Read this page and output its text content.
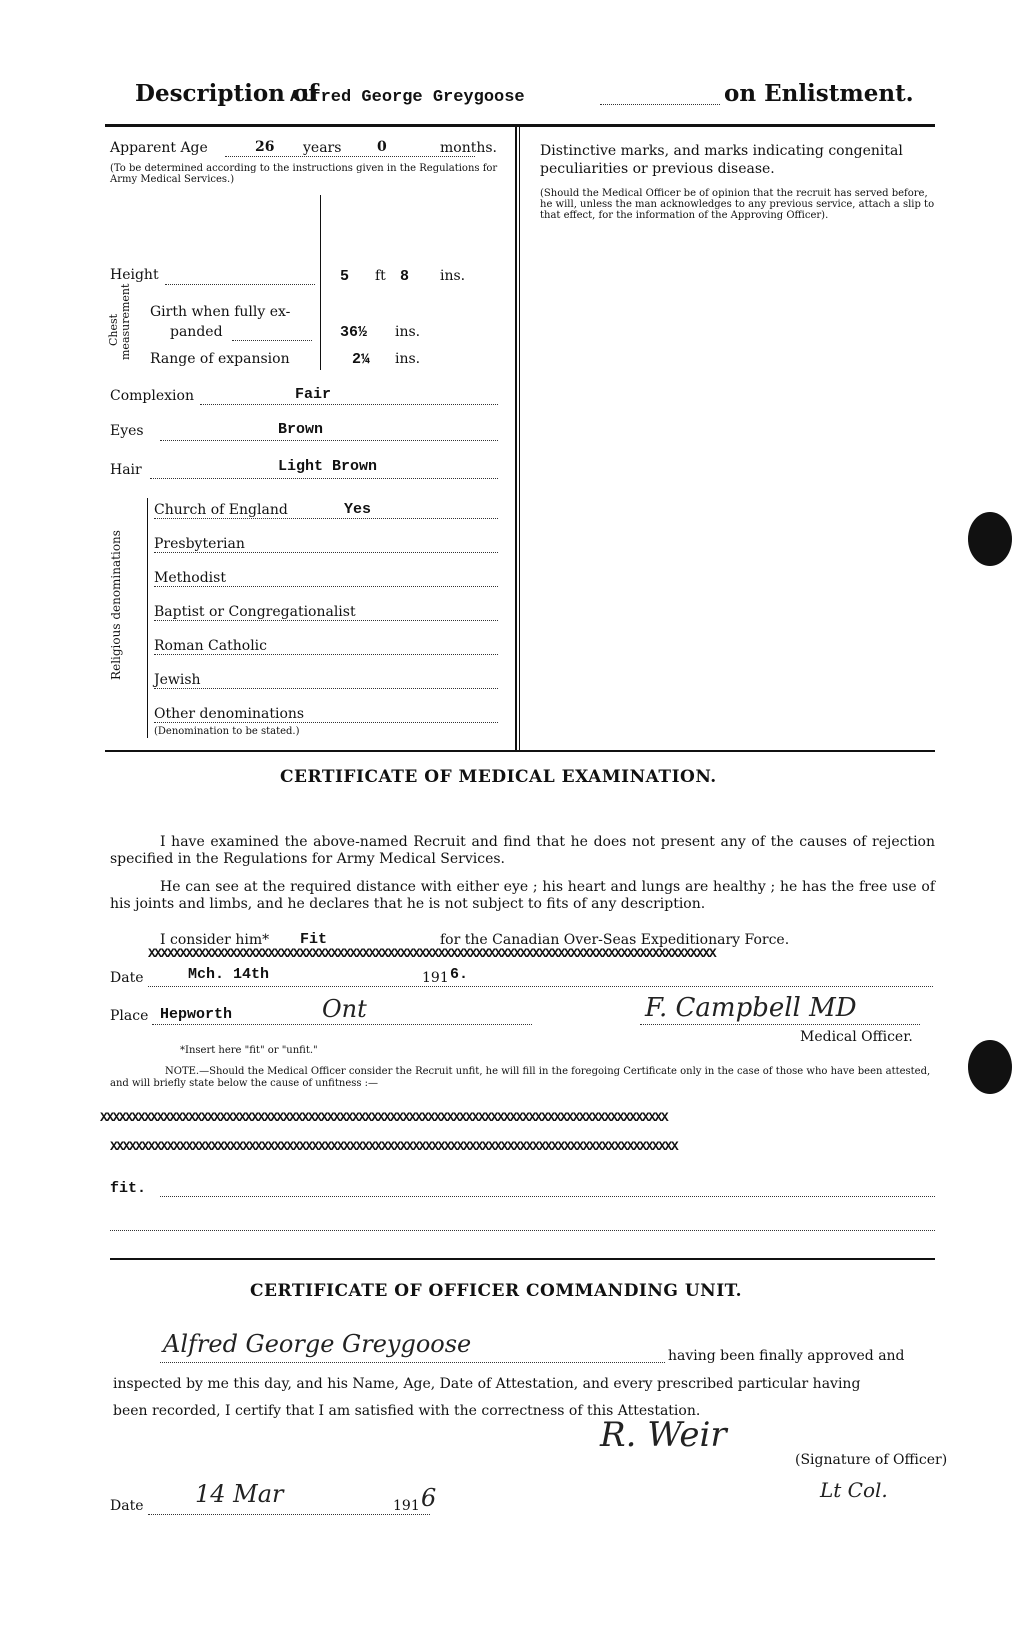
Description of
Alfred George Greygoose	on Enlistment.
Apparent Age	26 years	0	months.
(To be determined according to the instructions given in the Regulations for Army Medical Services.)
Height	5 ft 8 ins.
Chest measurement Girth when fully ex-
panded	36½ ins.
Range of expansion	2¼ ins.
Complexion	Fair
Eyes	Brown
Hair	Light Brown
Religious denominations
Church of England	Yes
Presbyterian
Methodist
Baptist or Congregationalist
Roman Catholic
Jewish
Other denominations
(Denomination to be stated.)
Distinctive marks, and marks indicating congenital peculiarities or previous disease.
(Should the Medical Officer be of opinion that the recruit has served before, he will, unless the man acknowledges to any previous service, attach a slip to that effect, for the information of the Approving Officer).
CERTIFICATE OF MEDICAL EXAMINATION.
I have examined the above-named Recruit and find that he does not present any of the causes of rejection specified in the Regulations for Army Medical Services.
He can see at the required distance with either eye ; his heart and lungs are healthy ; he has the free use of his joints and limbs, and he declares that he is not subject to fits of any description.
I consider him* Fit	for the Canadian Over-Seas Expeditionary Force.
XXXXXXXXXXXXXXXXXXXXXXXXXXXXXXXXXXXXXXXXXXXXXXXXXXXXXXXXXXXXXXXXXXXXXXXXXXXXXXXXXXXXXXXXXX
Date	Mch. 14th	191 6.
Place Hepworth	Ont	F. Campbell MD
Medical Officer.
*Insert here "fit" or "unfit."
NOTE.—Should the Medical Officer consider the Recruit unfit, he will fill in the foregoing Certificate only in the case of those who have been attested, and will briefly state below the cause of unfitness :—
XXXXXXXXXXXXXXXXXXXXXXXXXXXXXXXXXXXXXXXXXXXXXXXXXXXXXXXXXXXXXXXXXXXXXXXXXXXXXXXXXXXXXXXXXX
XXXXXXXXXXXXXXXXXXXXXXXXXXXXXXXXXXXXXXXXXXXXXXXXXXXXXXXXXXXXXXXXXXXXXXXXXXXXXXXXXXXXXXXXXX
fit.
CERTIFICATE OF OFFICER COMMANDING UNIT.
Alfred George Greygoose	having been finally approved and
inspected by me this day, and his Name, Age, Date of Attestation, and every prescribed particular having
been recorded, I certify that I am satisfied with the correctness of this Attestation.
R. Weir
(Signature of Officer)
Lt Col.
Date 14 Mar	191 6
